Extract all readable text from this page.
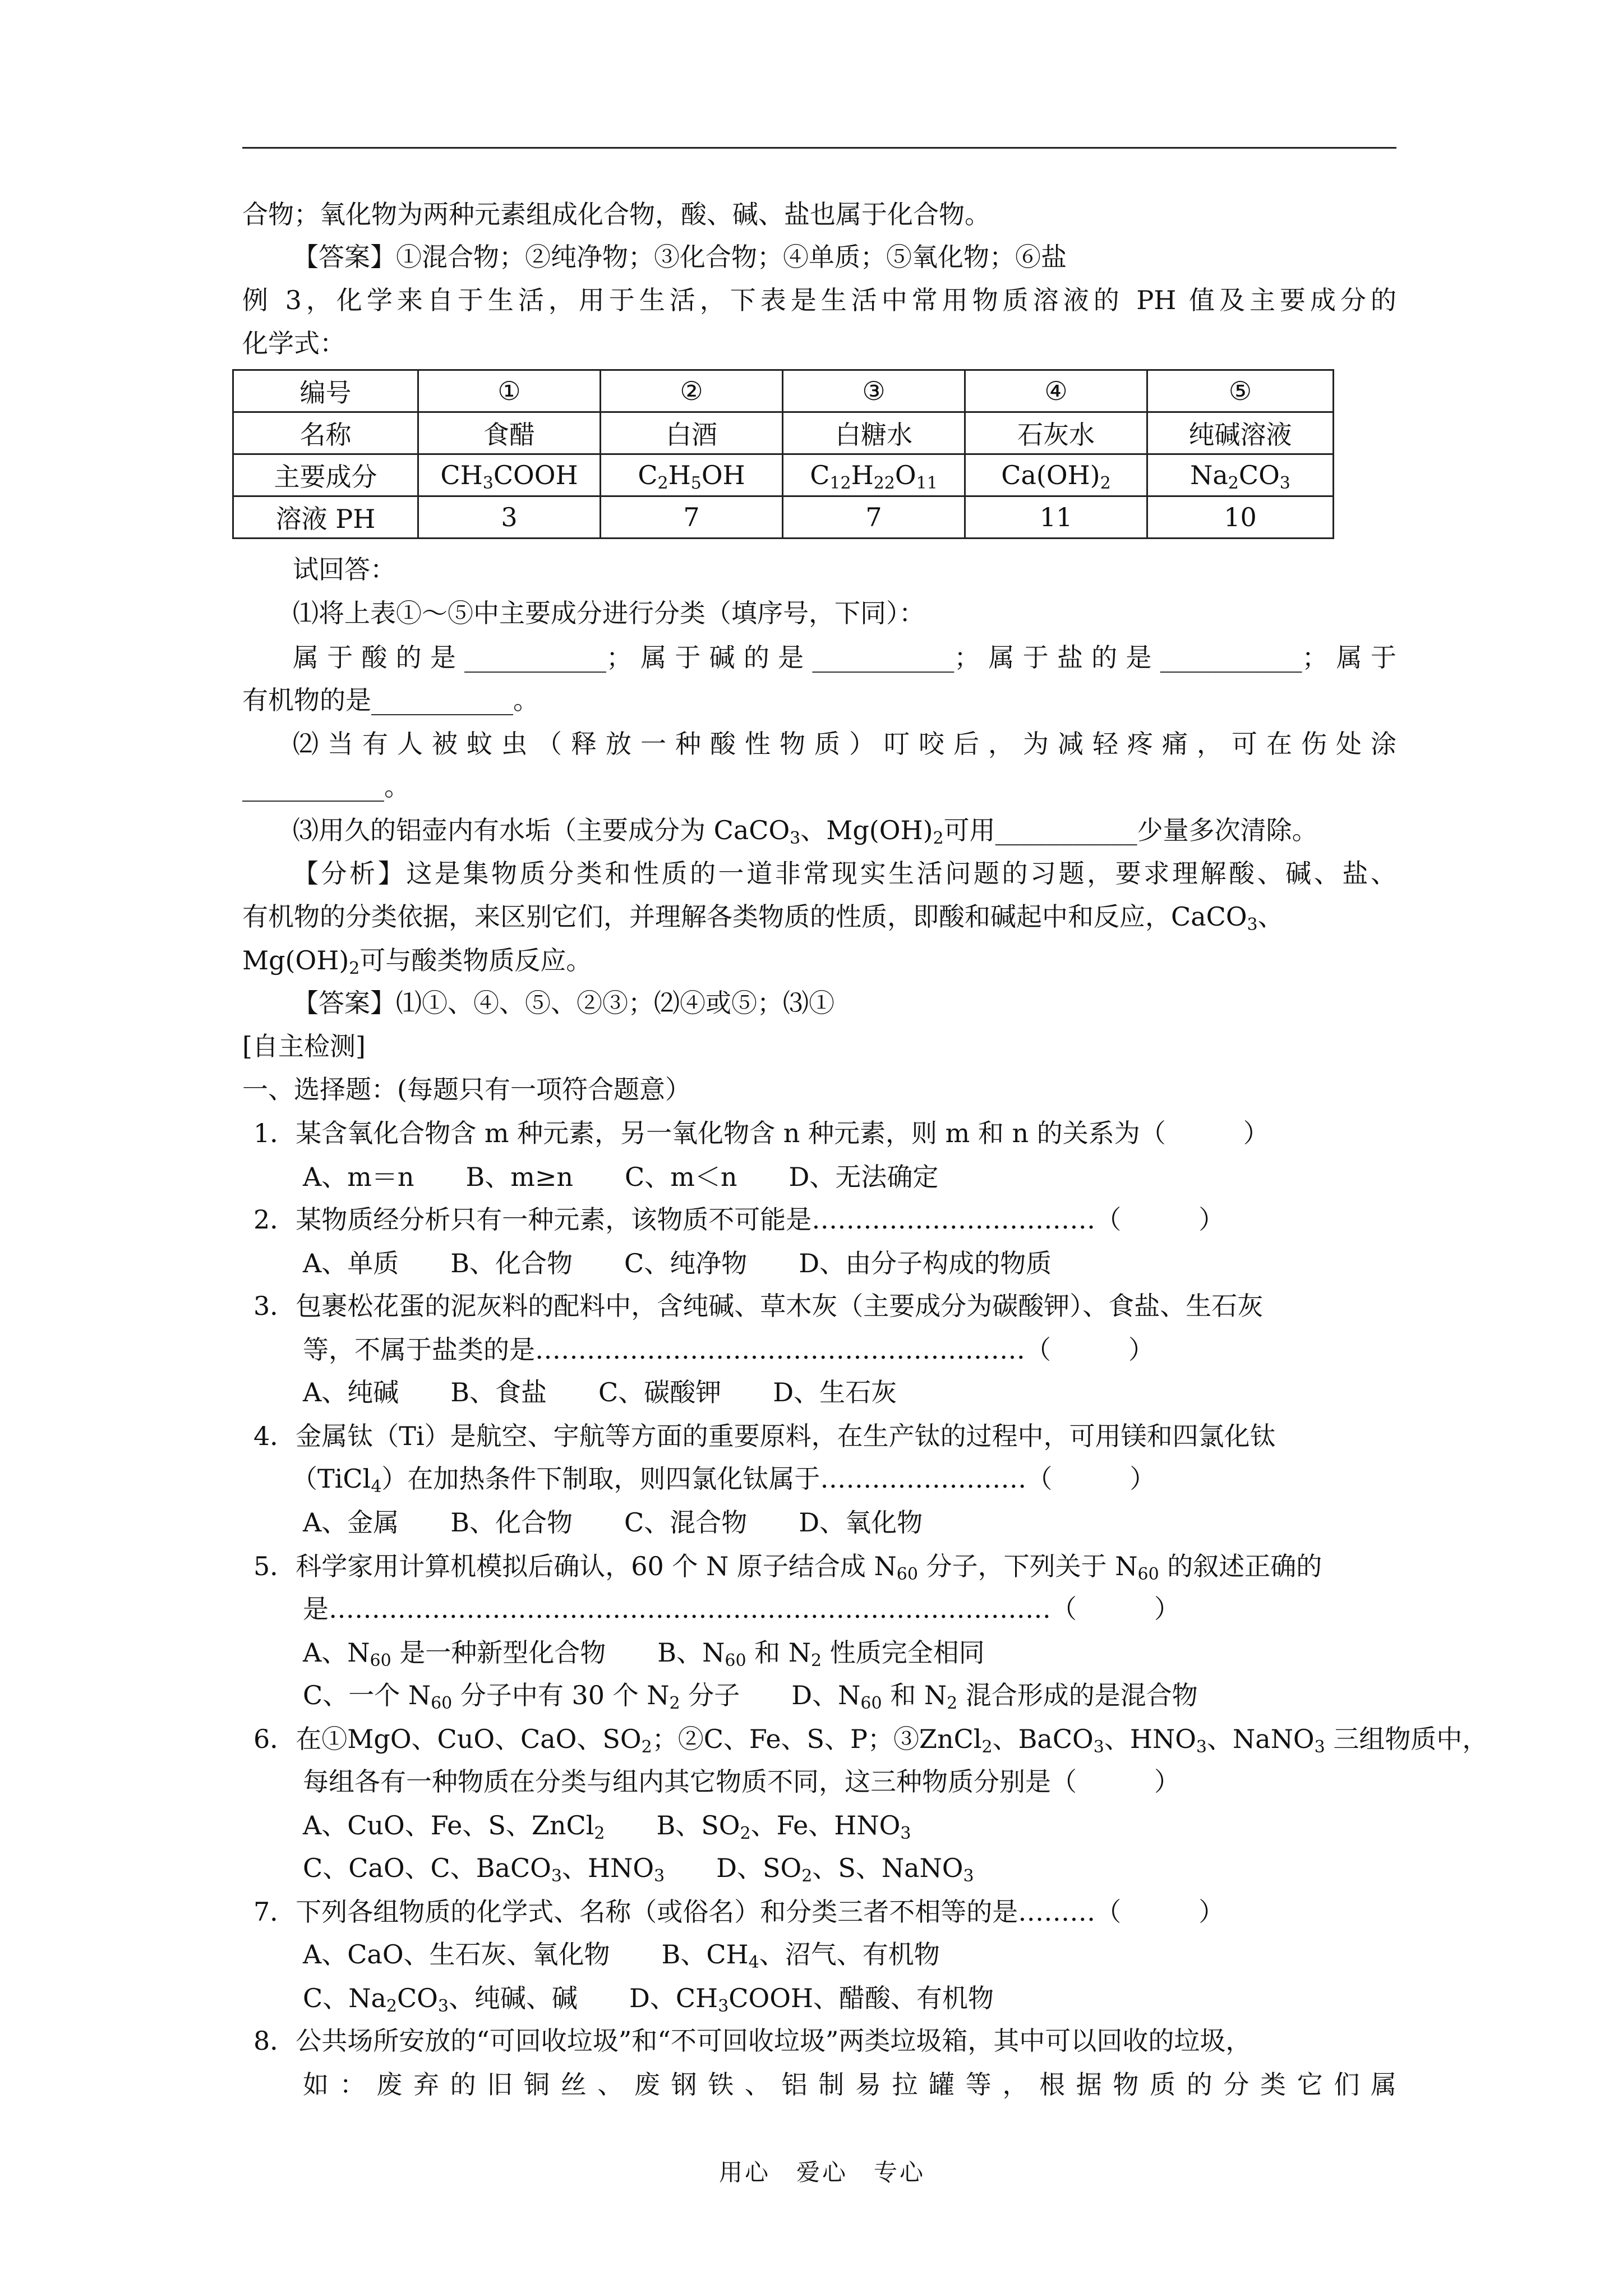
合物；氧化物为两种元素组成化合物，酸、碱、盐也属于化合物。
【答案】①混合物；②纯净物；③化合物；④单质；⑤氧化物；⑥盐
例 3，化学来自于生活，用于生活，下表是生活中常用物质溶液的 PH 值及主要成分的
化学式：
编号	①	②	③	④	⑤
名称	食醋	白酒	白糖水	石灰水	纯碱溶液
主要成分	$CH_3COOH$	$C_2H_5OH$	$C_{12}H_{22}O_{11}$	$Ca(OH)_2$	$Na_2CO_3$
溶液 PH	3	7	7	11	10
试回答：
⑴将上表①～⑤中主要成分进行分类（填序号，下同）：
属于酸的是___________；属于碱的是___________；属于盐的是___________；属于
有机物的是___________。
⑵当有人被蚊虫（释放一种酸性物质）叮咬后，为减轻疼痛，可在伤处涂
___________。
⑶用久的铝壶内有水垢（主要成分为 CaCO$_3$、$Mg(OH)_2$可用___________少量多次清除。
【分析】这是集物质分类和性质的一道非常现实生活问题的习题，要求理解酸、碱、盐、
有机物的分类依据，来区别它们，并理解各类物质的性质，即酸和碱起中和反应，CaCO$_3$、
$Mg(OH)_2$可与酸类物质反应。
【答案】⑴①、④、⑤、②③；⑵④或⑤；⑶①
[自主检测]
一、选择题：(每题只有一项符合题意）
1．某含氧化合物含 m 种元素，另一氧化物含 n 种元素，则 m 和 n 的关系为（　　　）
A、m＝n　　B、m≥n　　C、m＜n　　D、无法确定
2．某物质经分析只有一种元素，该物质不可能是……………………………（　　　）
A、单质　　B、化合物　　C、纯净物　　D、由分子构成的物质
3．包裹松花蛋的泥灰料的配料中，含纯碱、草木灰（主要成分为碳酸钾）、食盐、生石灰
等，不属于盐类的是…………………………………………………（　　　）
A、纯碱　　B、食盐　　C、碳酸钾　　D、生石灰
4．金属钛（Ti）是航空、宇航等方面的重要原料，在生产钛的过程中，可用镁和四氯化钛
（TiCl$_4$）在加热条件下制取，则四氯化钛属于……………………（　　　）
A、金属　　B、化合物　　C、混合物　　D、氧化物
5．科学家用计算机模拟后确认，60 个 N 原子结合成 $N_{60}$ 分子，下列关于 $N_{60}$ 的叙述正确的
是…………………………………………………………………………（　　　）
A、$N_{60}$ 是一种新型化合物　　B、$N_{60}$ 和 $N_2$ 性质完全相同
C、一个 $N_{60}$ 分子中有 30 个 $N_2$ 分子　　D、$N_{60}$ 和 $N_2$ 混合形成的是混合物
6．在①MgO、CuO、CaO、$SO_2$；②C、Fe、S、P；③ZnCl$_2$、BaCO$_3$、$HNO_3$、NaNO$_3$ 三组物质中，
每组各有一种物质在分类与组内其它物质不同，这三种物质分别是（　　　）
A、CuO、Fe、S、ZnCl$_2$　　B、$SO_2$、Fe、$HNO_3$
C、CaO、C、BaCO$_3$、$HNO_3$　　D、$SO_2$、S、NaNO$_3$
7．下列各组物质的化学式、名称（或俗名）和分类三者不相等的是………（　　　）
A、CaO、生石灰、氧化物　　B、$CH_4$、沼气、有机物
C、$Na_2CO_3$、纯碱、碱　　D、$CH_3COOH$、醋酸、有机物
8．公共场所安放的“可回收垃圾”和“不可回收垃圾”两类垃圾箱，其中可以回收的垃圾，
如：废弃的旧铜丝、废钢铁、铝制易拉罐等，根据物质的分类它们属
用心　爱心　专心
